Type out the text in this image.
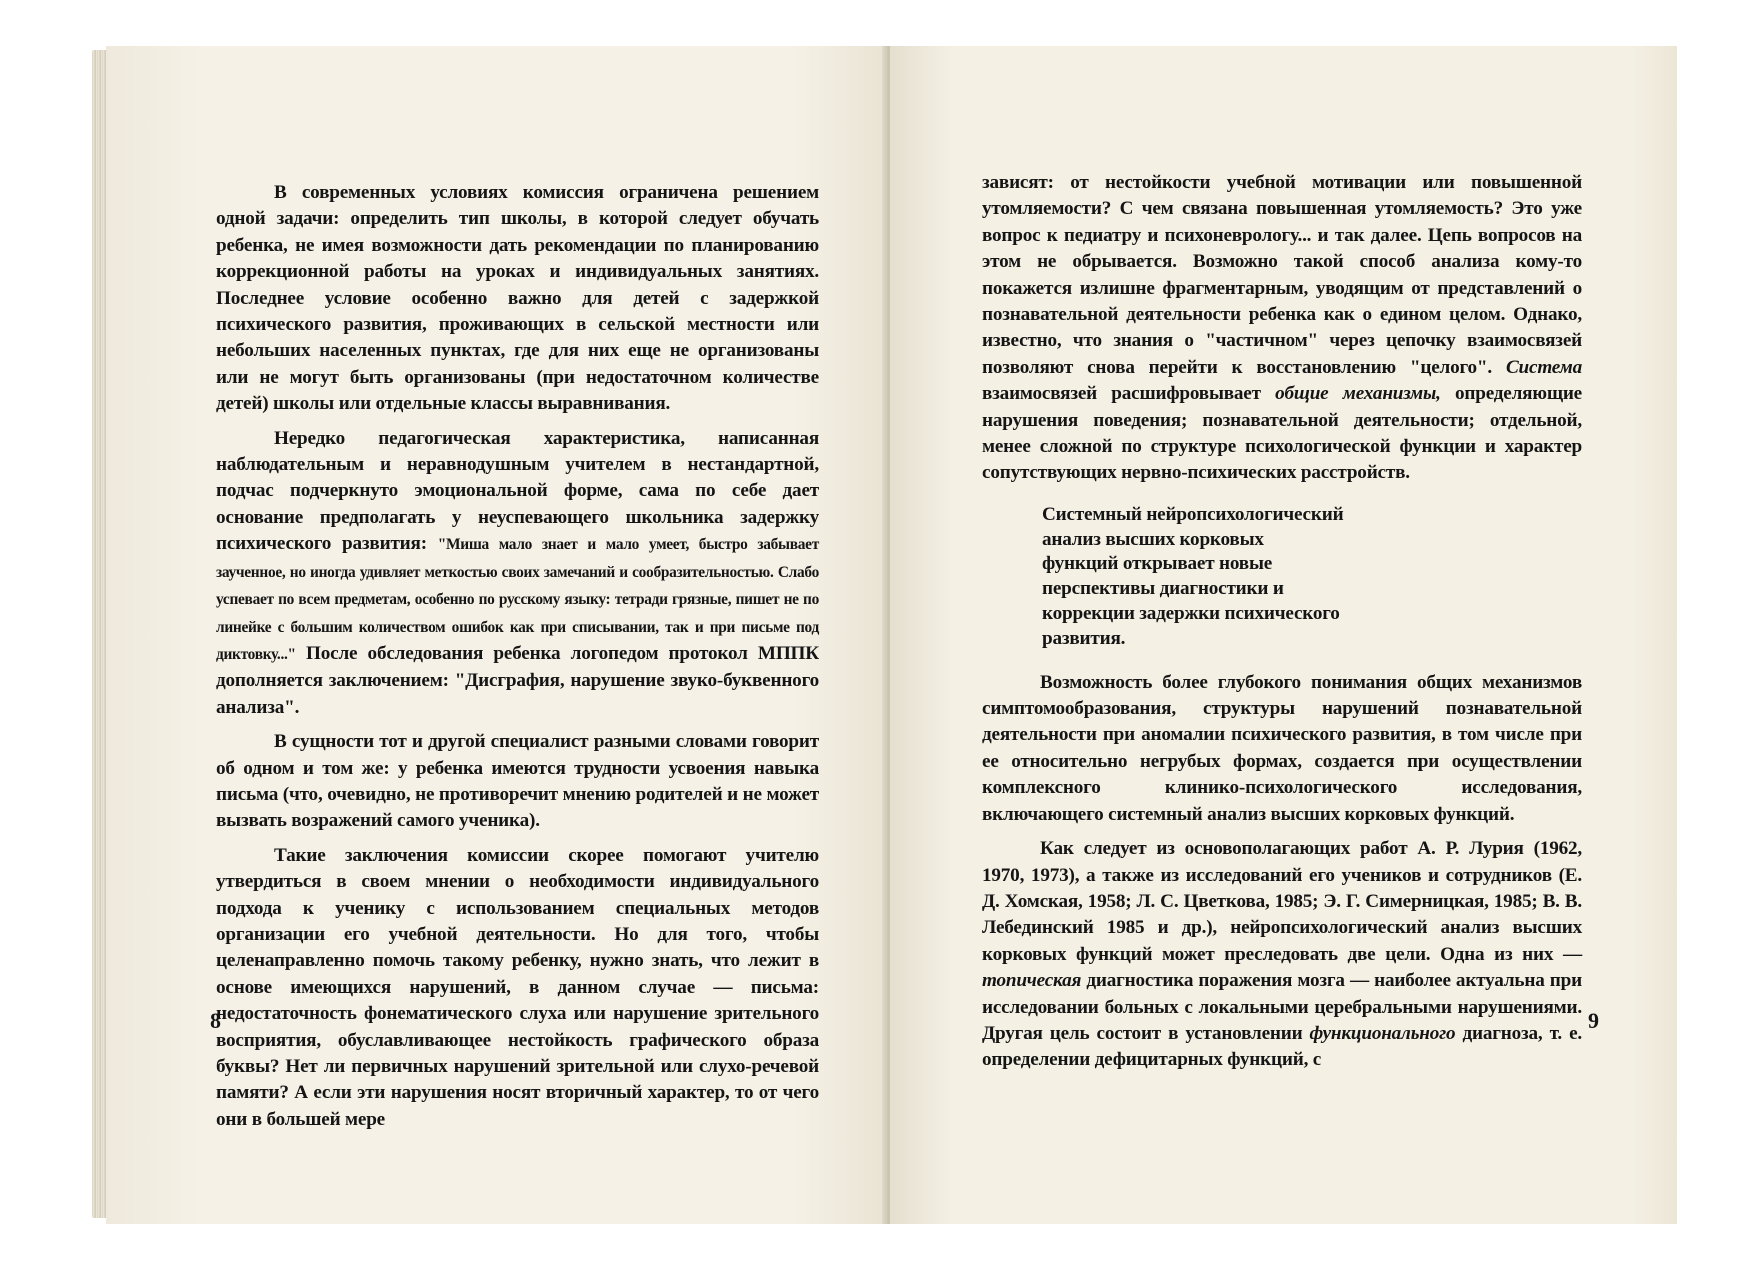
В современных условиях комиссия ограничена решением одной задачи: определить тип школы, в которой следует обучать ребенка, не имея возможности дать рекомендации по планированию коррекционной работы на уроках и индивидуальных занятиях. Последнее условие особенно важно для детей с задержкой психического развития, проживающих в сельской местности или небольших населенных пунктах, где для них еще не организованы или не могут быть организованы (при недостаточном количестве детей) школы или отдельные классы выравнивания.

Нередко педагогическая характеристика, написанная наблюдательным и неравнодушным учителем в нестандартной, подчас подчеркнуто эмоциональной форме, сама по себе дает основание предполагать у неуспевающего школьника задержку психического развития: "Миша мало знает и мало умеет, быстро забывает заученное, но иногда удивляет меткостью своих замечаний и сообразительностью. Слабо успевает по всем предметам, особенно по русскому языку: тетради грязные, пишет не по линейке с большим количеством ошибок как при списывании, так и при письме под диктовку..." После обследования ребенка логопедом протокол МППК дополняется заключением: "Дисграфия, нарушение звуко-буквенного анализа".

В сущности тот и другой специалист разными словами говорит об одном и том же: у ребенка имеются трудности усвоения навыка письма (что, очевидно, не противоречит мнению родителей и не может вызвать возражений самого ученика).

Такие заключения комиссии скорее помогают учителю утвердиться в своем мнении о необходимости индивидуального подхода к ученику с использованием специальных методов организации его учебной деятельности. Но для того, чтобы целенаправленно помочь такому ребенку, нужно знать, что лежит в основе имеющихся нарушений, в данном случае — письма: недостаточность фонематического слуха или нарушение зрительного восприятия, обуславливающее нестойкость графического образа буквы? Нет ли первичных нарушений зрительной или слухо-речевой памяти? А если эти нарушения носят вторичный характер, то от чего они в большей мере

8

зависят: от нестойкости учебной мотивации или повышенной утомляемости? С чем связана повышенная утомляемость? Это уже вопрос к педиатру и психоневрологу... и так далее. Цепь вопросов на этом не обрывается. Возможно такой способ анализа кому-то покажется излишне фрагментарным, уводящим от представлений о познавательной деятельности ребенка как о едином целом. Однако, известно, что знания о "частичном" через цепочку взаимосвязей позволяют снова перейти к восстановлению "целого". Система взаимосвязей расшифровывает общие механизмы, определяющие нарушения поведения; познавательной деятельности; отдельной, менее сложной по структуре психологической функции и характер сопутствующих нервно-психических расстройств.

Системный нейропсихологический анализ высших корковых функций открывает новые перспективы диагностики и коррекции задержки психического развития.

Возможность более глубокого понимания общих механизмов симптомообразования, структуры нарушений познавательной деятельности при аномалии психического развития, в том числе при ее относительно негрубых формах, создается при осуществлении комплексного клинико-психологического исследования, включающего системный анализ высших корковых функций.

Как следует из основополагающих работ А. Р. Лурия (1962, 1970, 1973), а также из исследований его учеников и сотрудников (Е. Д. Хомская, 1958; Л. С. Цветкова, 1985; Э. Г. Симерницкая, 1985; В. В. Лебединский 1985 и др.), нейропсихологический анализ высших корковых функций может преследовать две цели. Одна из них — топическая диагностика поражения мозга — наиболее актуальна при исследовании больных с локальными церебральными нарушениями. Другая цель состоит в установлении функционального диагноза, т. е. определении дефицитарных функций, с

9
